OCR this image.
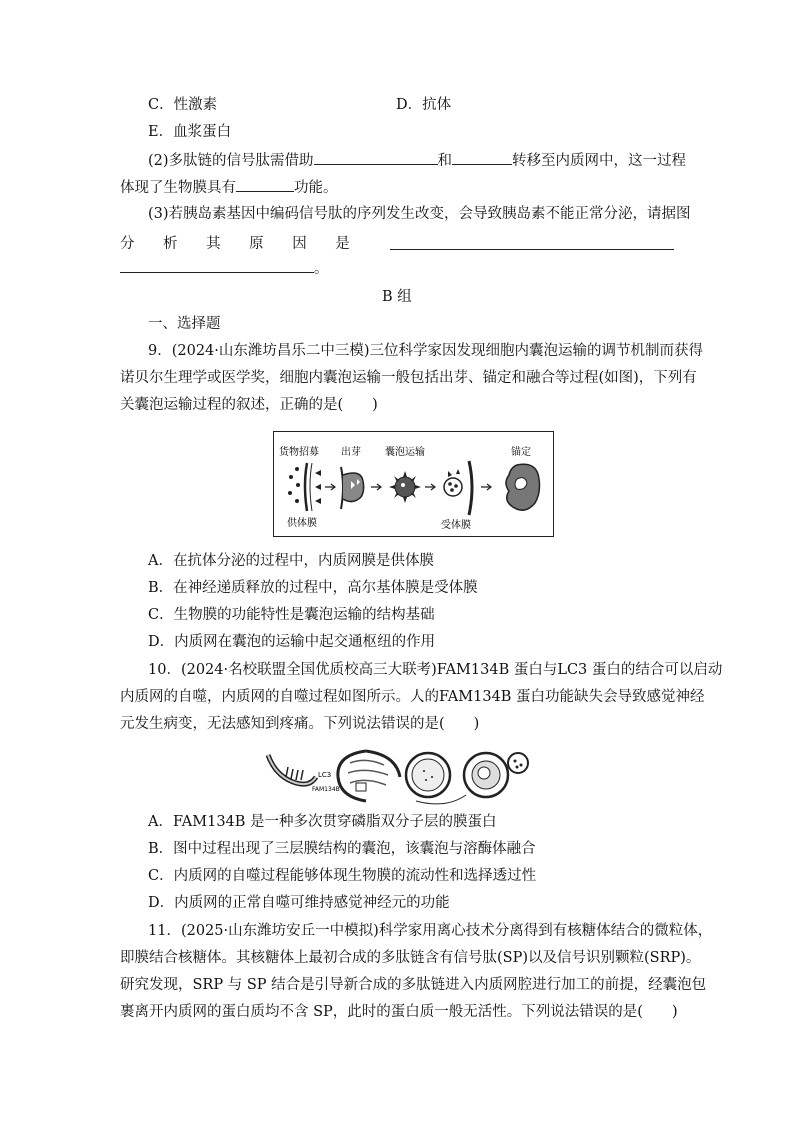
C．性激素	D．抗体
E．血浆蛋白
(2)多肽链的信号肽需借助	和	转移至内质网中，这一过程
体现了生物膜具有	功能。
(3)若胰岛素基因中编码信号肽的序列发生改变，会导致胰岛素不能正常分泌，请据图
分	析	其	原	因	是
。
B 组
一、选择题
9．(2024·山东潍坊昌乐二中三模)三位科学家因发现细胞内囊泡运输的调节机制而获得
诺贝尔生理学或医学奖，细胞内囊泡运输一般包括出芽、锚定和融合等过程(如图)，下列有
关囊泡运输过程的叙述，正确的是(　　)
货物招募 出芽 囊泡运输	锚定
供体膜	受体膜
A．在抗体分泌的过程中，内质网膜是供体膜
B．在神经递质释放的过程中，高尔基体膜是受体膜
C．生物膜的功能特性是囊泡运输的结构基础
D．内质网在囊泡的运输中起交通枢纽的作用
10．(2024·名校联盟全国优质校高三大联考)FAM134B 蛋白与LC3 蛋白的结合可以启动
内质网的自噬，内质网的自噬过程如图所示。人的FAM134B 蛋白功能缺失会导致感觉神经
元发生病变，无法感知到疼痛。下列说法错误的是(　　)
LC3
FAM134B
A．FAM134B 是一种多次贯穿磷脂双分子层的膜蛋白
B．图中过程出现了三层膜结构的囊泡，该囊泡与溶酶体融合
C．内质网的自噬过程能够体现生物膜的流动性和选择透过性
D．内质网的正常自噬可维持感觉神经元的功能
11．(2025·山东潍坊安丘一中模拟)科学家用离心技术分离得到有核糖体结合的微粒体，
即膜结合核糖体。其核糖体上最初合成的多肽链含有信号肽(SP)以及信号识别颗粒(SRP)。
研究发现，SRP 与 SP 结合是引导新合成的多肽链进入内质网腔进行加工的前提，经囊泡包
裹离开内质网的蛋白质均不含 SP，此时的蛋白质一般无活性。下列说法错误的是(　　)
